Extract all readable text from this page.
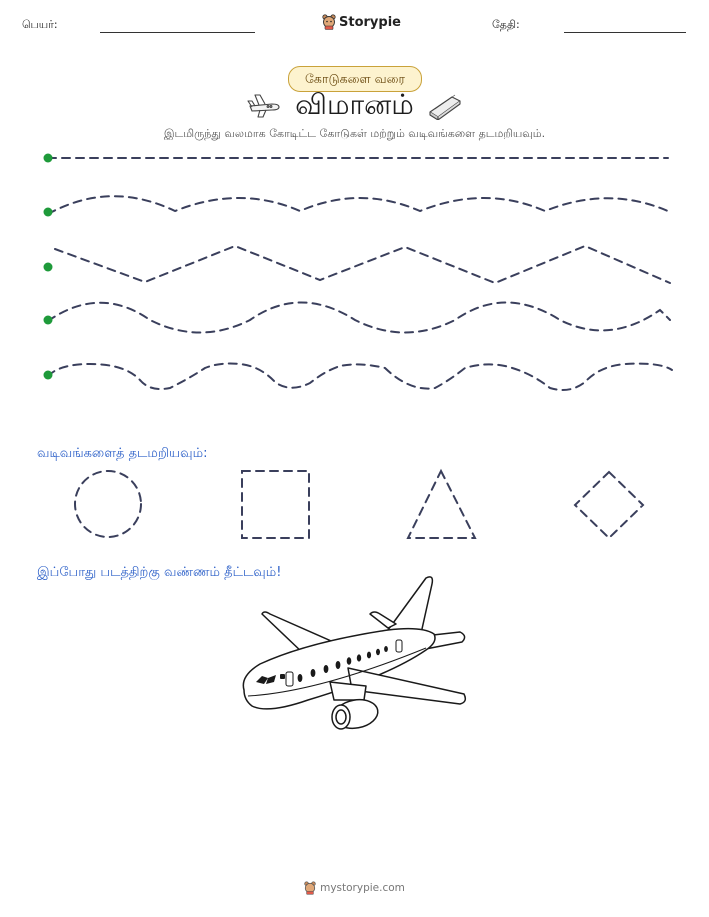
பெயர்:	Storypie	தேதி:
கோடுகளை வரை
விமானம்
இடமிருந்து வலமாக கோடிட்ட கோடுகள் மற்றும் வடிவங்களை தடமறியவும்.
வடிவங்களைத் தடமறியவும்:
இப்போது படத்திற்கு வண்ணம் தீட்டவும்!
mystorypie.com
